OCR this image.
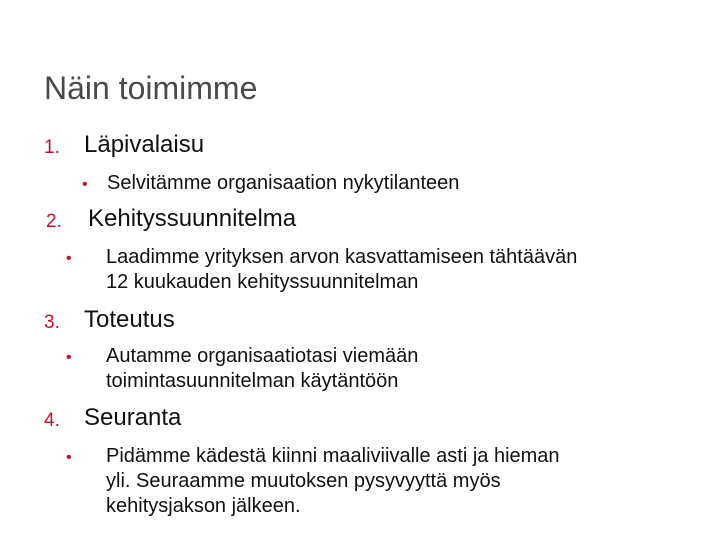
Näin toimimme
1. Läpivalaisu
• Selvitämme organisaation nykytilanteen
2. Kehityssuunnitelma
• Laadimme yrityksen arvon kasvattamiseen tähtäävän
12 kuukauden kehityssuunnitelman
3. Toteutus
• Autamme organisaatiotasi viemään
toimintasuunnitelman käytäntöön
4. Seuranta
• Pidämme kädestä kiinni maaliviivalle asti ja hieman
yli. Seuraamme muutoksen pysyvyyttä myös
kehitysjakson jälkeen.
